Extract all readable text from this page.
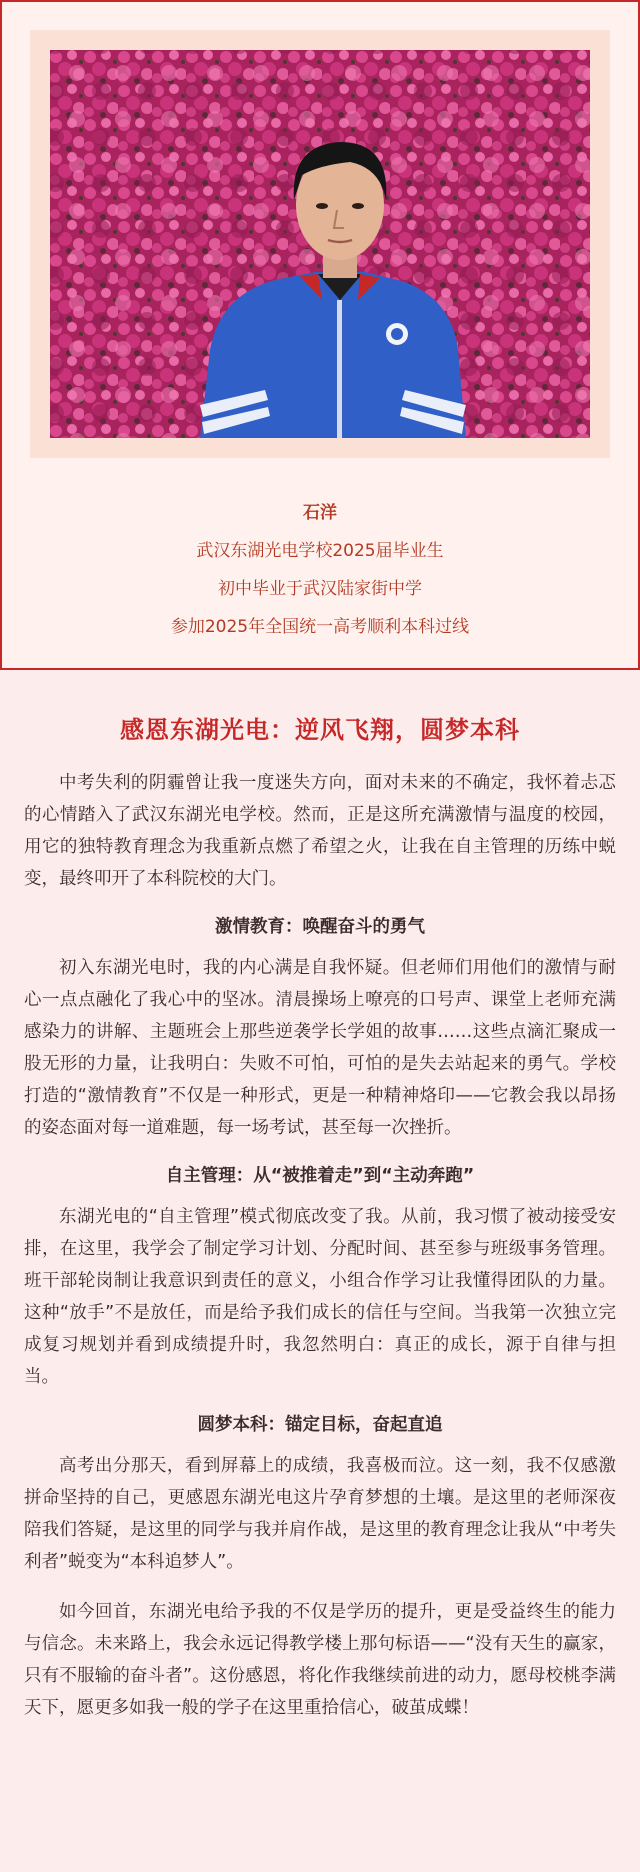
石洋
武汉东湖光电学校2025届毕业生
初中毕业于武汉陆家街中学
参加2025年全国统一高考顺利本科过线
感恩东湖光电：逆风飞翔，圆梦本科

中考失利的阴霾曾让我一度迷失方向，面对未来的不确定，我怀着忐忑的心情踏入了武汉东湖光电学校。然而，正是这所充满激情与温度的校园，用它的独特教育理念为我重新点燃了希望之火，让我在自主管理的历练中蜕变，最终叩开了本科院校的大门。

激情教育：唤醒奋斗的勇气

初入东湖光电时，我的内心满是自我怀疑。但老师们用他们的激情与耐心一点点融化了我心中的坚冰。清晨操场上嘹亮的口号声、课堂上老师充满感染力的讲解、主题班会上那些逆袭学长学姐的故事……这些点滴汇聚成一股无形的力量，让我明白：失败不可怕，可怕的是失去站起来的勇气。学校打造的“激情教育”不仅是一种形式，更是一种精神烙印——它教会我以昂扬的姿态面对每一道难题，每一场考试，甚至每一次挫折。

自主管理：从“被推着走”到“主动奔跑”

东湖光电的“自主管理”模式彻底改变了我。从前，我习惯了被动接受安排，在这里，我学会了制定学习计划、分配时间、甚至参与班级事务管理。班干部轮岗制让我意识到责任的意义，小组合作学习让我懂得团队的力量。这种“放手”不是放任，而是给予我们成长的信任与空间。当我第一次独立完成复习规划并看到成绩提升时，我忽然明白：真正的成长，源于自律与担当。

圆梦本科：锚定目标，奋起直追

高考出分那天，看到屏幕上的成绩，我喜极而泣。这一刻，我不仅感激拼命坚持的自己，更感恩东湖光电这片孕育梦想的土壤。是这里的老师深夜陪我们答疑，是这里的同学与我并肩作战，是这里的教育理念让我从“中考失利者”蜕变为“本科追梦人”。

如今回首，东湖光电给予我的不仅是学历的提升，更是受益终生的能力与信念。未来路上，我会永远记得教学楼上那句标语——“没有天生的赢家，只有不服输的奋斗者”。这份感恩，将化作我继续前进的动力，愿母校桃李满天下，愿更多如我一般的学子在这里重拾信心，破茧成蝶！
